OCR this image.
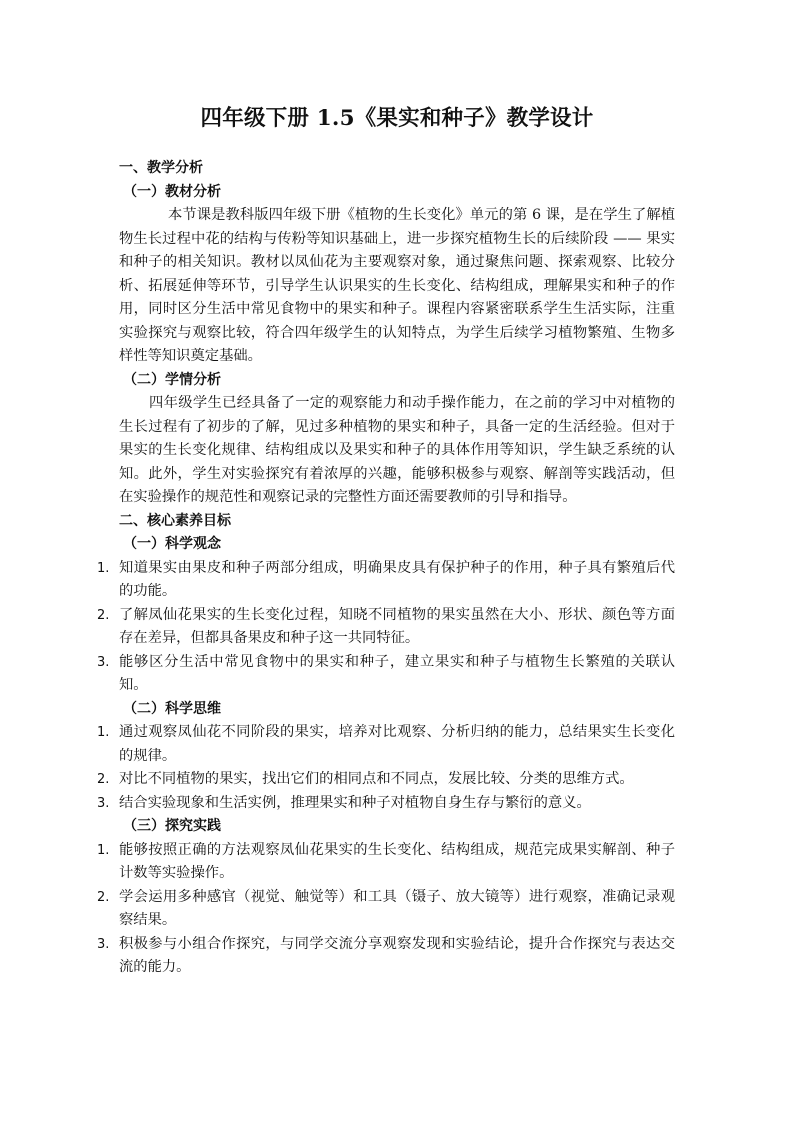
四年级下册 1.5《果实和种子》教学设计
一、教学分析
（一）教材分析

本节课是教科版四年级下册《植物的生长变化》单元的第 6 课，是在学生了解植物生长过程中花的结构与传粉等知识基础上，进一步探究植物生长的后续阶段 —— 果实和种子的相关知识。教材以凤仙花为主要观察对象，通过聚焦问题、探索观察、比较分析、拓展延伸等环节，引导学生认识果实的生长变化、结构组成，理解果实和种子的作用，同时区分生活中常见食物中的果实和种子。课程内容紧密联系学生生活实际，注重实验探究与观察比较，符合四年级学生的认知特点，为学生后续学习植物繁殖、生物多样性等知识奠定基础。

（二）学情分析

四年级学生已经具备了一定的观察能力和动手操作能力，在之前的学习中对植物的生长过程有了初步的了解，见过多种植物的果实和种子，具备一定的生活经验。但对于果实的生长变化规律、结构组成以及果实和种子的具体作用等知识，学生缺乏系统的认知。此外，学生对实验探究有着浓厚的兴趣，能够积极参与观察、解剖等实践活动，但在实验操作的规范性和观察记录的完整性方面还需要教师的引导和指导。

二、核心素养目标
（一）科学观念
1. 知道果实由果皮和种子两部分组成，明确果皮具有保护种子的作用，种子具有繁殖后代的功能。
2. 了解凤仙花果实的生长变化过程，知晓不同植物的果实虽然在大小、形状、颜色等方面存在差异，但都具备果皮和种子这一共同特征。
3. 能够区分生活中常见食物中的果实和种子，建立果实和种子与植物生长繁殖的关联认知。
（二）科学思维
1. 通过观察凤仙花不同阶段的果实，培养对比观察、分析归纳的能力，总结果实生长变化的规律。
2. 对比不同植物的果实，找出它们的相同点和不同点，发展比较、分类的思维方式。
3. 结合实验现象和生活实例，推理果实和种子对植物自身生存与繁衍的意义。
（三）探究实践
1. 能够按照正确的方法观察凤仙花果实的生长变化、结构组成，规范完成果实解剖、种子计数等实验操作。
2. 学会运用多种感官（视觉、触觉等）和工具（镊子、放大镜等）进行观察，准确记录观察结果。
3. 积极参与小组合作探究，与同学交流分享观察发现和实验结论，提升合作探究与表达交流的能力。
